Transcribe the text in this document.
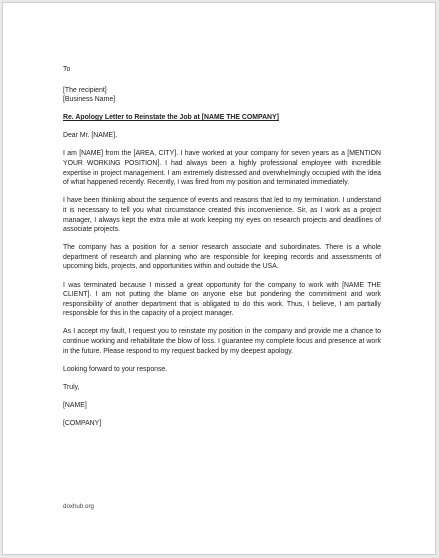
To

[The recipient]

[Business Name]

Re. Apology Letter to Reinstate the Job at [NAME THE COMPANY]

Dear Mr. [NAME],

I am [NAME] from the [AREA, CITY]. I have worked at your company for seven years as a [MENTION YOUR WORKING POSITION]. I had always been a highly professional employee with incredible expertise in project management. I am extremely distressed and overwhelmingly occupied with the idea of what happened recently. Recently, I was fired from my position and terminated immediately.

I have been thinking about the sequence of events and reasons that led to my termination. I understand it is necessary to tell you what circumstance created this inconvenience. Sir, as I work as a project manager, I always kept the extra mile at work keeping my eyes on research projects and deadlines of associate projects.

The company has a position for a senior research associate and subordinates. There is a whole department of research and planning who are responsible for keeping records and assessments of upcoming bids, projects, and opportunities within and outside the USA.

I was terminated because I missed a great opportunity for the company to work with [NAME THE CLIENT]. I am not putting the blame on anyone else but pondering the commitment and work responsibility of another department that is obligated to do this work. Thus, I believe, I am partially responsible for this in the capacity of a project manager.

As I accept my fault, I request you to reinstate my position in the company and provide me a chance to continue working and rehabilitate the blow of loss. I guarantee my complete focus and presence at work in the future. Please respond to my request backed by my deepest apology.

Looking forward to your response.

Truly,

[NAME]

[COMPANY]

doxhub.org
